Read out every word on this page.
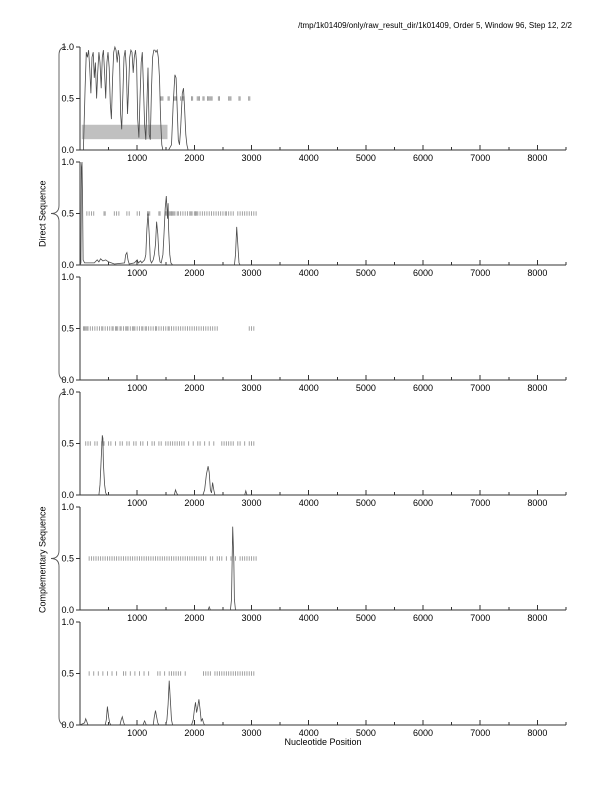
/tmp/1k01409/only/raw_result_dir/1k01409, Order 5, Window 96, Step 12, 2/2
Direct Sequence
Complementary Sequence
1.0
0.5
0.0
1000	2000	3000	4000	5000	6000	7000	8000
1.0
0.5
0.0
1000	2000	3000	4000	5000	6000	7000	8000
1.0
0.5
0.0
1000	2000	3000	4000	5000	6000	7000	8000
1.0
0.5
0.0
1000	2000	3000	4000	5000	6000	7000	8000
1.0
0.5
0.0
1000	2000	3000	4000	5000	6000	7000	8000
1.0
0.5
0.0
1000	2000	3000	4000	5000	6000	7000	8000
Nucleotide Position
